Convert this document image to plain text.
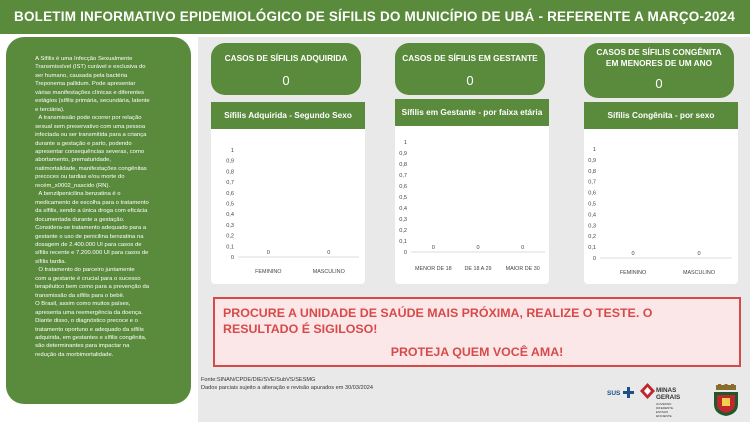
BOLETIM INFORMATIVO EPIDEMIOLÓGICO DE SÍFILIS DO MUNICÍPIO DE UBÁ - REFERENTE A MARÇO-2024
A Sífilis é uma Infecção Sexualmente
Transmissível (IST) curável e exclusiva do
ser humano, causada pela bactéria
Treponema pallidum. Pode apresentar
várias manifestações clínicas e diferentes
estágios (sífilis primária, secundária, latente
e terciária).
A transmissão pode ocorrer por relação
sexual sem preservativo com uma pessoa
infectada ou ser transmitida para a criança
durante a gestação e parto, podendo
apresentar consequências severas, como
abortamento, prematuridade,
natimortalidade, manifestações congênitas
precoces ou tardias e/ou morte do
recém_x0002_nascido (RN).
A benzilpenicilina benzatina é o
medicamento de escolha para o tratamento
da sífilis, sendo a única droga com eficácia
documentada durante a gestação.
Considera-se tratamento adequado para a
gestante o uso de penicilina benzatina na
dosagem de 2.400.000 UI para casos de
sífilis recente e 7.200.000 UI para casos de
sífilis tardia.
O tratamento do parceiro juntamente
com a gestante é crucial para o sucesso
terapêutico bem como para a prevenção da
transmissão da sífilis para o bebê.
O Brasil, assim como muitos países,
apresenta uma reemergência da doença.
Diante disso, o diagnóstico precoce e o
tratamento oportuno e adequado da sífilis
adquirida, em gestantes e sífilis congênita,
são determinantes para impactar na
redução da morbimortalidade.
CASOS DE SÍFILIS ADQUIRIDA
0
CASOS DE SÍFILIS EM GESTANTE
0
CASOS DE SÍFILIS CONGÊNITA EM MENORES DE UM ANO
0
Sífilis Adquirida - Segundo Sexo
0
0,1
0,2
0,3
0,4
0,5
0,6
0,7
0,8
0,9
1
0
FEMININO
0
MASCULINO
Sífilis em Gestante - por faixa etária
0
0,1
0,2
0,3
0,4
0,5
0,6
0,7
0,8
0,9
1
0
MENOR DE 18
0
DE 18 A 29
0
MAIOR DE 30
Sífilis Congênita - por sexo
0
0,1
0,2
0,3
0,4
0,5
0,6
0,7
0,8
0,9
1
0
FEMININO
0
MASCULINO
PROCURE A UNIDADE DE SAÚDE MAIS PRÓXIMA, REALIZE O TESTE. O RESULTADO É SIGILOSO!
PROTEJA QUEM VOCÊ AMA!
Fonte:SINAN/CPDE/DIE/SVE/SubVS/SESMG
Dados parciais sujeito a alteração e revisão apurados em 30/03/2024
SUS	MINAS
GERAIS
GOVERNO DIFERENTE. ESTADO EFICIENTE.
